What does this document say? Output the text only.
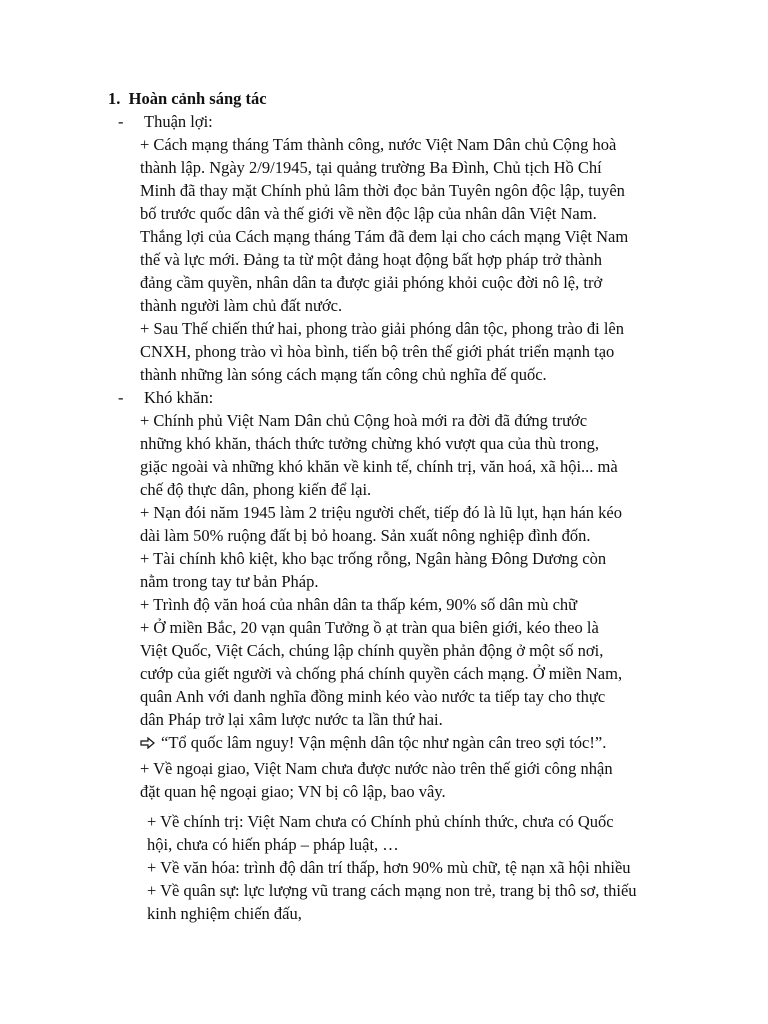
1. Hoàn cảnh sáng tác
- Thuận lợi:
+ Cách mạng tháng Tám thành công, nước Việt Nam Dân chủ Cộng hoà
thành lập. Ngày 2/9/1945, tại quảng trường Ba Đình, Chủ tịch Hồ Chí
Minh đã thay mặt Chính phủ lâm thời đọc bản Tuyên ngôn độc lập, tuyên
bố trước quốc dân và thế giới về nền độc lập của nhân dân Việt Nam.
Thắng lợi của Cách mạng tháng Tám đã đem lại cho cách mạng Việt Nam
thế và lực mới. Đảng ta từ một đảng hoạt động bất hợp pháp trở thành
đảng cầm quyền, nhân dân ta được giải phóng khỏi cuộc đời nô lệ, trở
thành người làm chủ đất nước.
+ Sau Thế chiến thứ hai, phong trào giải phóng dân tộc, phong trào đi lên
CNXH, phong trào vì hòa bình, tiến bộ trên thế giới phát triển mạnh tạo
thành những làn sóng cách mạng tấn công chủ nghĩa đế quốc.
- Khó khăn:
+ Chính phủ Việt Nam Dân chủ Cộng hoà mới ra đời đã đứng trước
những khó khăn, thách thức tưởng chừng khó vượt qua của thù trong,
giặc ngoài và những khó khăn về kinh tế, chính trị, văn hoá, xã hội... mà
chế độ thực dân, phong kiến để lại.
+ Nạn đói năm 1945 làm 2 triệu người chết, tiếp đó là lũ lụt, hạn hán kéo
dài làm 50% ruộng đất bị bỏ hoang. Sản xuất nông nghiệp đình đốn.
+ Tài chính khô kiệt, kho bạc trống rỗng, Ngân hàng Đông Dương còn
nằm trong tay tư bản Pháp.
+ Trình độ văn hoá của nhân dân ta thấp kém, 90% số dân mù chữ
+ Ở miền Bắc, 20 vạn quân Tưởng ồ ạt tràn qua biên giới, kéo theo là
Việt Quốc, Việt Cách, chúng lập chính quyền phản động ở một số nơi,
cướp của giết người và chống phá chính quyền cách mạng. Ở miền Nam,
quân Anh với danh nghĩa đồng minh kéo vào nước ta tiếp tay cho thực
dân Pháp trở lại xâm lược nước ta lần thứ hai.
“Tổ quốc lâm nguy! Vận mệnh dân tộc như ngàn cân treo sợi tóc!”.
+ Về ngoại giao, Việt Nam chưa được nước nào trên thế giới công nhận
đặt quan hệ ngoại giao; VN bị cô lập, bao vây.
+ Về chính trị: Việt Nam chưa có Chính phủ chính thức, chưa có Quốc
hội, chưa có hiến pháp – pháp luật, …
+ Về văn hóa: trình độ dân trí thấp, hơn 90% mù chữ, tệ nạn xã hội nhiều
+ Về quân sự: lực lượng vũ trang cách mạng non trẻ, trang bị thô sơ, thiếu
kinh nghiệm chiến đấu,
